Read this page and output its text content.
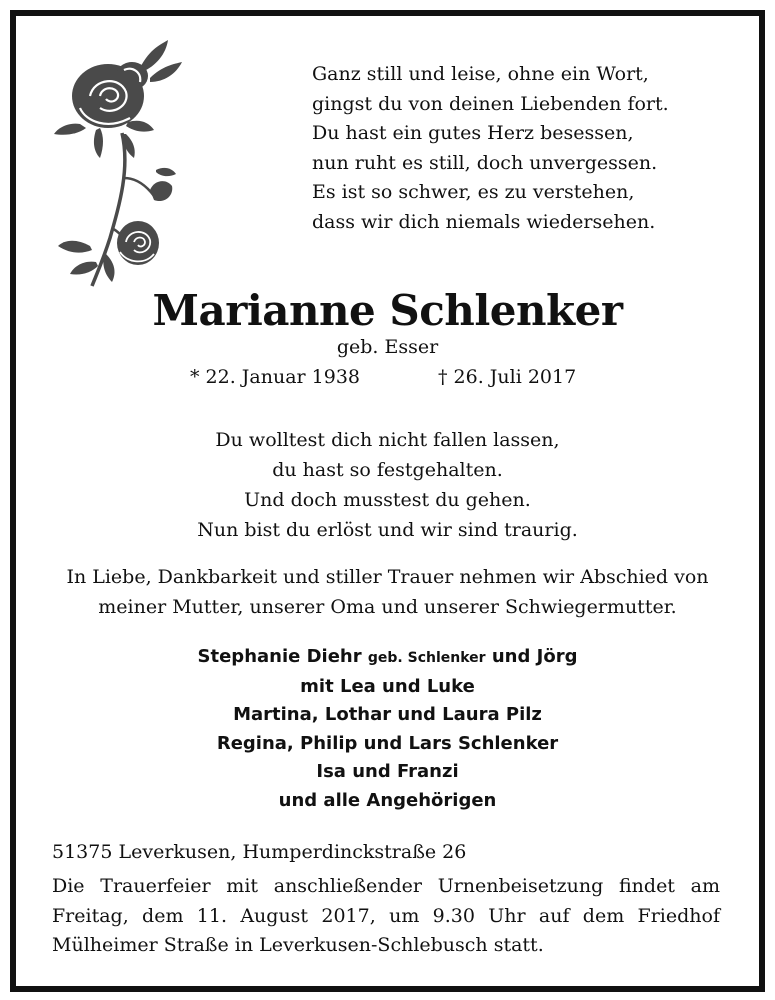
Ganz still und leise, ohne ein Wort,
gingst du von deinen Liebenden fort.
Du hast ein gutes Herz besessen,
nun ruht es still, doch unvergessen.
Es ist so schwer, es zu verstehen,
dass wir dich niemals wiedersehen.
Marianne Schlenker
geb. Esser
* 22. Januar 1938	† 26. Juli 2017
Du wolltest dich nicht fallen lassen,
du hast so festgehalten.
Und doch musstest du gehen.
Nun bist du erlöst und wir sind traurig.
In Liebe, Dankbarkeit und stiller Trauer nehmen wir Abschied von
meiner Mutter, unserer Oma und unserer Schwiegermutter.
Stephanie Diehr geb. Schlenker und Jörg
mit Lea und Luke
Martina, Lothar und Laura Pilz
Regina, Philip und Lars Schlenker
Isa und Franzi
und alle Angehörigen
51375 Leverkusen, Humperdinckstraße 26
Die Trauerfeier mit anschließender Urnenbeisetzung findet am
Freitag, dem 11. August 2017, um 9.30 Uhr auf dem Friedhof
Mülheimer Straße in Leverkusen-Schlebusch statt.
